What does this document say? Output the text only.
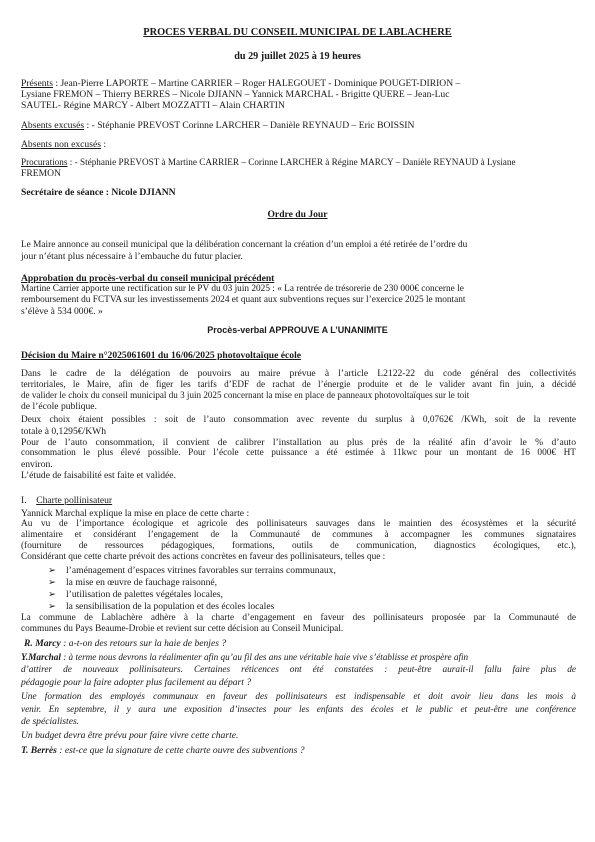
PROCES VERBAL DU CONSEIL MUNICIPAL DE LABLACHERE
du 29 juillet 2025 à 19 heures
Présents : Jean-Pierre LAPORTE – Martine CARRIER – Roger HALEGOUET - Dominique POUGET-DIRION –
Lysiane FREMON – Thierry BERRES – Nicole DJIANN – Yannick MARCHAL - Brigitte QUERE – Jean-Luc
SAUTEL- Régine MARCY - Albert MOZZATTI – Alain CHARTIN
Absents excusés : - Stéphanie PREVOST Corinne LARCHER – Danièle REYNAUD – Eric BOISSIN
Absents non excusés :
Procurations : - Stéphanie PREVOST à Martine CARRIER – Corinne LARCHER à Régine MARCY – Danièle REYNAUD à Lysiane
FREMON
Secrétaire de séance : Nicole DJIANN
Ordre du Jour
Le Maire annonce au conseil municipal que la délibération concernant la création d’un emploi a été retirée de l’ordre du
jour n’étant plus nécessaire à l’embauche du futur placier.
Approbation du procès-verbal du conseil municipal précédent
Martine Carrier apporte une rectification sur le PV du 03 juin 2025 : « La rentrée de trésorerie de 230 000€ concerne le
remboursement du FCTVA sur les investissements 2024 et quant aux subventions reçues sur l’exercice 2025 le montant
s’élève à 534 000€. »
Procès-verbal APPROUVE A L’UNANIMITE
Décision du Maire n°2025061601 du 16/06/2025 photovoltaïque école
Dans le cadre de la délégation de pouvoirs au maire prévue à l’article L2122-22 du code général des collectivités
territoriales, le Maire, afin de figer les tarifs d’EDF de rachat de l’énergie produite et de le valider avant fin juin, a décidé
de valider le choix du conseil municipal du 3 juin 2025 concernant la mise en place de panneaux photovoltaïques sur le toit
de l’école publique.
Deux choix étaient possibles : soit de l’auto consommation avec revente du surplus à 0,0762€ /KWh, soit de la revente
totale à 0,1295€/KWh
Pour de l’auto consommation, il convient de calibrer l’installation au plus près de la réalité afin d’avoir le % d’auto
consommation le plus élevé possible. Pour l’école cette puissance a été estimée à 11kwc pour un montant de 16 000€ HT
environ.
L’étude de faisabilité est faite et validée.
I. Charte pollinisateur
Yannick Marchal explique la mise en place de cette charte :
Au vu de l’importance écologique et agricole des pollinisateurs sauvages dans le maintien des écosystèmes et la sécurité
alimentaire et considérant l’engagement de la Communauté de communes à accompagner les communes signataires
(fourniture de ressources pédagogiques, formations, outils de communication, diagnostics écologiques, etc.),
Considérant que cette charte prévoit des actions concrètes en faveur des pollinisateurs, telles que :
➢ l’aménagement d’espaces vitrines favorables sur terrains communaux,
➢ la mise en œuvre de fauchage raisonné,
➢ l’utilisation de palettes végétales locales,
➢ la sensibilisation de la population et des écoles locales
La commune de Lablachère adhère à la charte d’engagement en faveur des pollinisateurs proposée par la Communauté de
communes du Pays Beaume-Drobie et revient sur cette décision au Conseil Municipal.
R. Marcy : a-t-on des retours sur la haie de benjes ?
Y.Marchal : à terme nous devrons la réalimenter afin qu’au fil des ans une véritable haie vive s’établisse et prospère afin
d’attirer de nouveaux pollinisateurs. Certaines réticences ont été constatées : peut-être aurait-il fallu faire plus de
pédagogie pour la faire adopter plus facilement au départ ?
Une formation des employés communaux en faveur des pollinisateurs est indispensable et doit avoir lieu dans les mois à
venir. En septembre, il y aura une exposition d’insectes pour les enfants des écoles et le public et peut-être une conférence
de spécialistes.
Un budget devra être prévu pour faire vivre cette charte.
T. Berrès : est-ce que la signature de cette charte ouvre des subventions ?
